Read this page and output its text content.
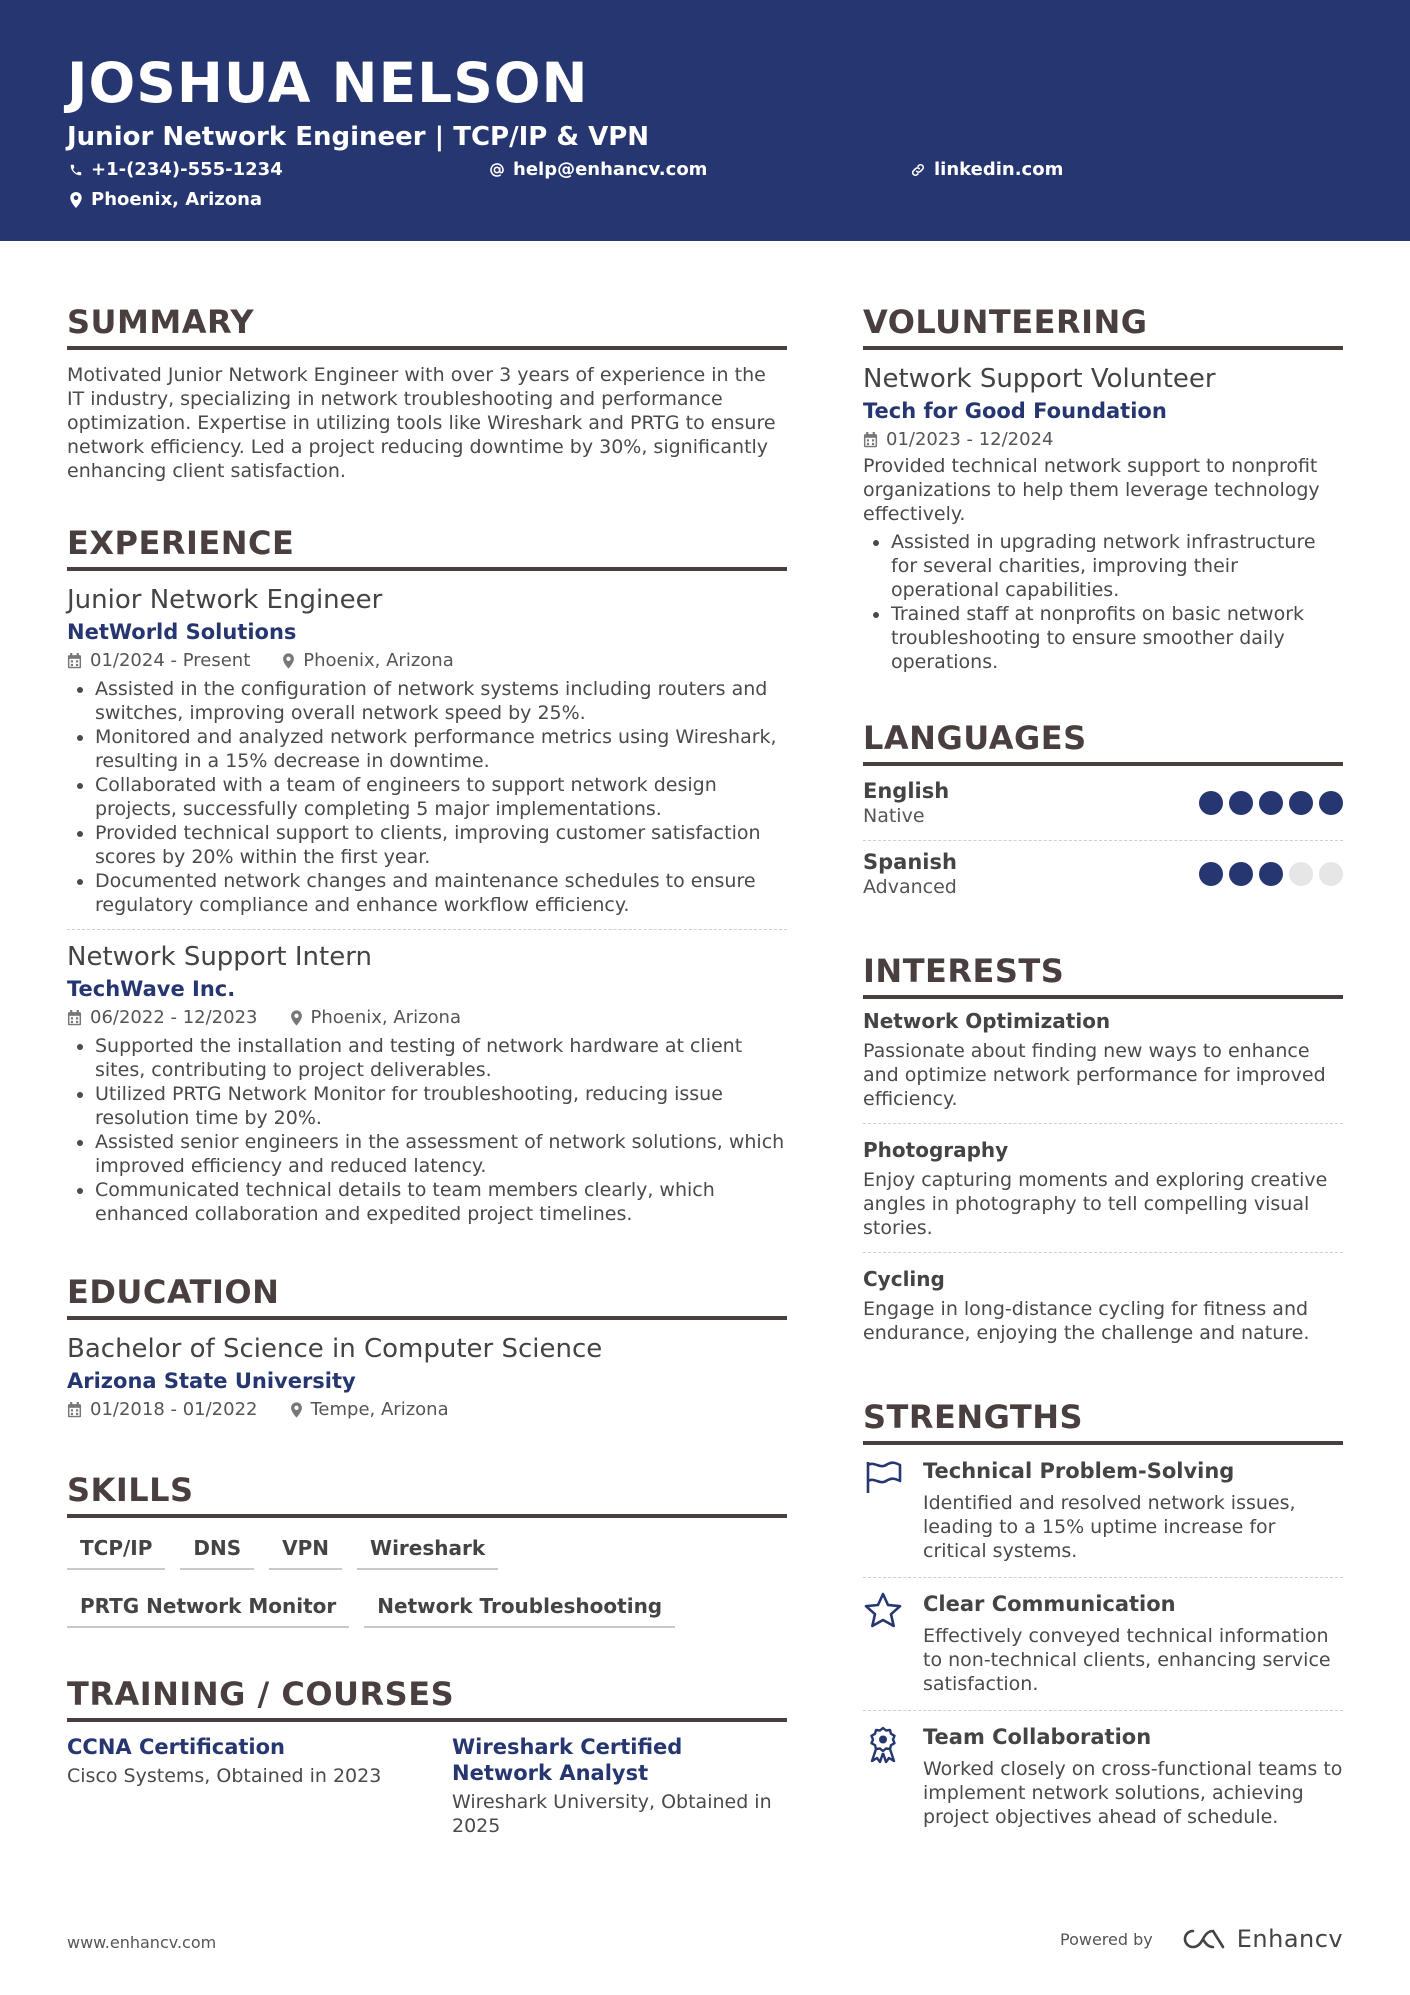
JOSHUA NELSON
Junior Network Engineer | TCP/IP & VPN
+1-(234)-555-1234	help@enhancv.com	linkedin.com
Phoenix, Arizona
SUMMARY
Motivated Junior Network Engineer with over 3 years of experience in the IT industry, specializing in network troubleshooting and performance optimization. Expertise in utilizing tools like Wireshark and PRTG to ensure network efficiency. Led a project reducing downtime by 30%, significantly enhancing client satisfaction.
EXPERIENCE
Junior Network Engineer
NetWorld Solutions
01/2024 - Present	Phoenix, Arizona
• Assisted in the configuration of network systems including routers and switches, improving overall network speed by 25%.
• Monitored and analyzed network performance metrics using Wireshark, resulting in a 15% decrease in downtime.
• Collaborated with a team of engineers to support network design projects, successfully completing 5 major implementations.
• Provided technical support to clients, improving customer satisfaction scores by 20% within the first year.
• Documented network changes and maintenance schedules to ensure regulatory compliance and enhance workflow efficiency.
Network Support Intern
TechWave Inc.
06/2022 - 12/2023	Phoenix, Arizona
• Supported the installation and testing of network hardware at client sites, contributing to project deliverables.
• Utilized PRTG Network Monitor for troubleshooting, reducing issue resolution time by 20%.
• Assisted senior engineers in the assessment of network solutions, which improved efficiency and reduced latency.
• Communicated technical details to team members clearly, which enhanced collaboration and expedited project timelines.
EDUCATION
Bachelor of Science in Computer Science
Arizona State University
01/2018 - 01/2022	Tempe, Arizona
SKILLS
TCP/IP	DNS	VPN	Wireshark
PRTG Network Monitor	Network Troubleshooting
TRAINING / COURSES
CCNA Certification
Cisco Systems, Obtained in 2023
Wireshark Certified Network Analyst
Wireshark University, Obtained in 2025
VOLUNTEERING
Network Support Volunteer
Tech for Good Foundation
01/2023 - 12/2024
Provided technical network support to nonprofit organizations to help them leverage technology effectively.
• Assisted in upgrading network infrastructure for several charities, improving their operational capabilities.
• Trained staff at nonprofits on basic network troubleshooting to ensure smoother daily operations.
LANGUAGES
English
Native
Spanish
Advanced
INTERESTS
Network Optimization
Passionate about finding new ways to enhance and optimize network performance for improved efficiency.
Photography
Enjoy capturing moments and exploring creative angles in photography to tell compelling visual stories.
Cycling
Engage in long-distance cycling for fitness and endurance, enjoying the challenge and nature.
STRENGTHS
Technical Problem-Solving
Identified and resolved network issues, leading to a 15% uptime increase for critical systems.
Clear Communication
Effectively conveyed technical information to non-technical clients, enhancing service satisfaction.
Team Collaboration
Worked closely on cross-functional teams to implement network solutions, achieving project objectives ahead of schedule.
www.enhancv.com	Powered by	Enhancv
